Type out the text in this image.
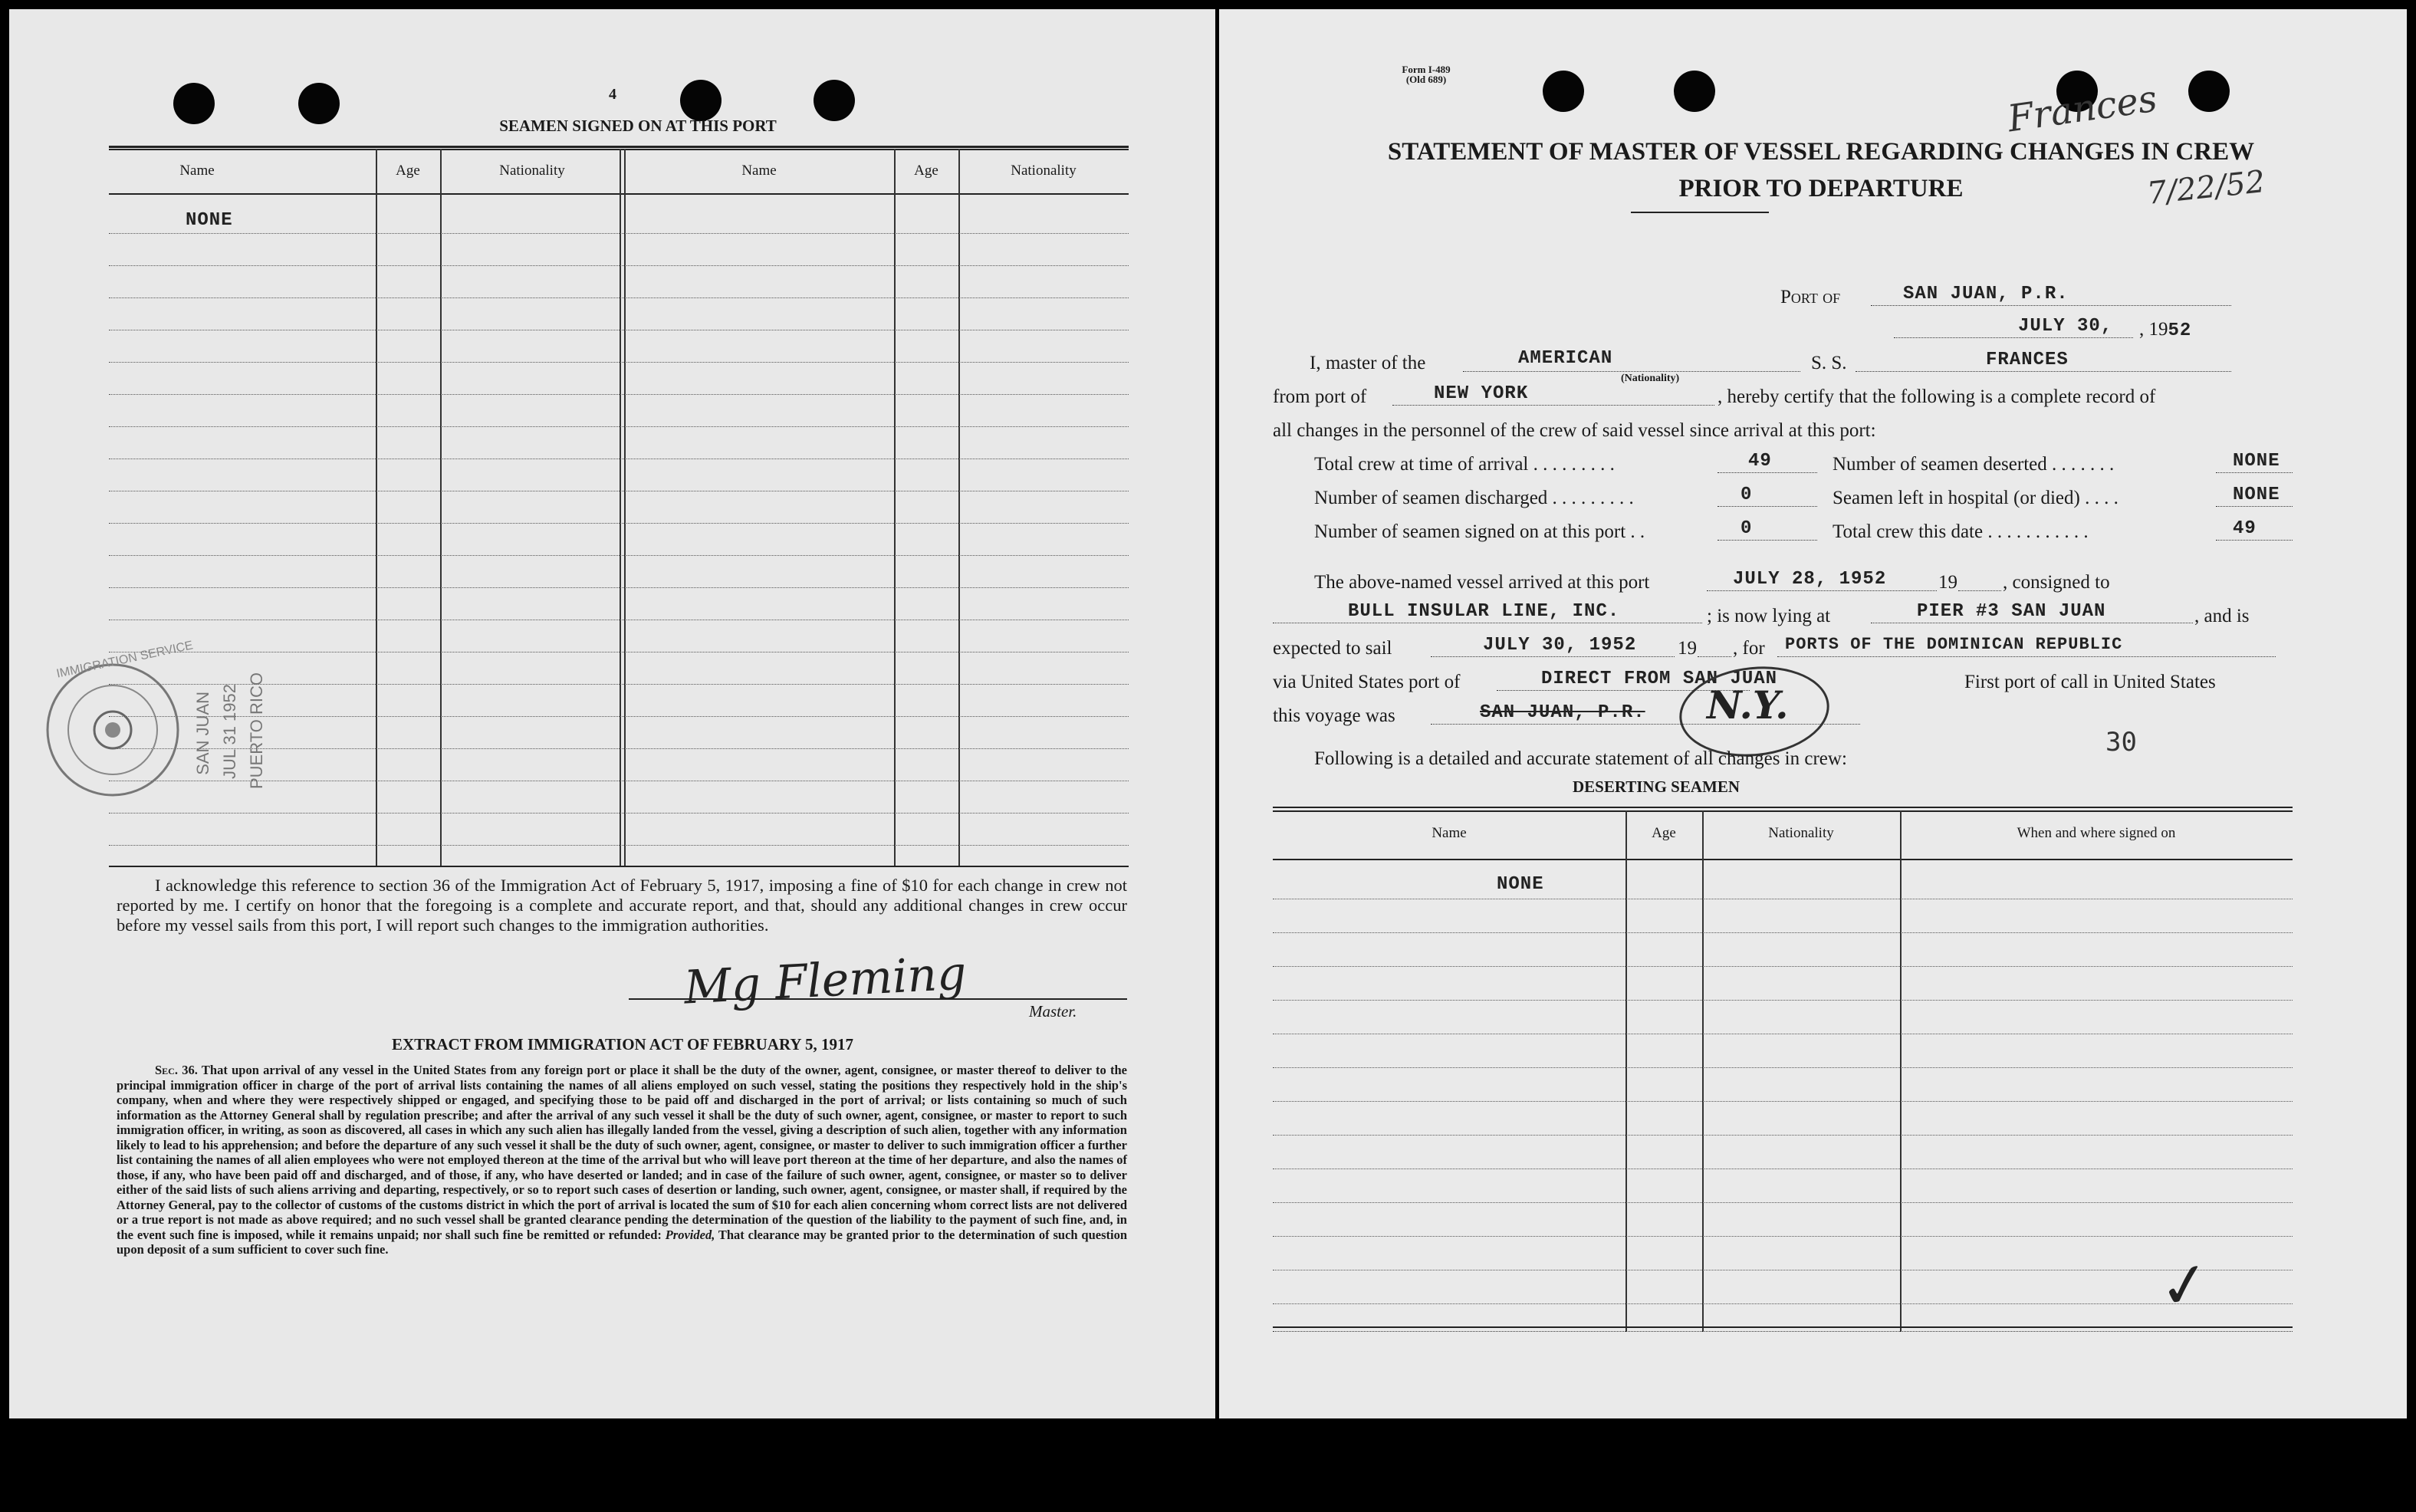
4
SEAMEN SIGNED ON AT THIS PORT
Name	Age	Nationality	Name	Age	Nationality
NONE
IMMIGRATION SERVICE
SAN JUAN JUL 31 1952 PUERTO RICO
I acknowledge this reference to section 36 of the Immigration Act of February 5, 1917, imposing a fine of $10 for each change in crew not reported by me. I certify on honor that the foregoing is a complete and accurate report, and that, should any additional changes in crew occur before my vessel sails from this port, I will report such changes to the immigration authorities.
Mg Fleming	Master.
EXTRACT FROM IMMIGRATION ACT OF FEBRUARY 5, 1917

Sec. 36. That upon arrival of any vessel in the United States from any foreign port or place it shall be the duty of the owner, agent, consignee, or master thereof to deliver to the principal immigration officer in charge of the port of arrival lists containing the names of all aliens employed on such vessel, stating the positions they respectively hold in the ship's company, when and where they were respectively shipped or engaged, and specifying those to be paid off and discharged in the port of arrival; or lists containing so much of such information as the Attorney General shall by regulation prescribe; and after the arrival of any such vessel it shall be the duty of such owner, agent, consignee, or master to report to such immigration officer, in writing, as soon as discovered, all cases in which any such alien has illegally landed from the vessel, giving a description of such alien, together with any information likely to lead to his apprehension; and before the departure of any such vessel it shall be the duty of such owner, agent, consignee, or master to deliver to such immigration officer a further list containing the names of all alien employees who were not employed thereon at the time of the arrival but who will leave port thereon at the time of her departure, and also the names of those, if any, who have been paid off and discharged, and of those, if any, who have deserted or landed; and in case of the failure of such owner, agent, consignee, or master so to deliver either of the said lists of such aliens arriving and departing, respectively, or so to report such cases of desertion or landing, such owner, agent, consignee, or master shall, if required by the Attorney General, pay to the collector of customs of the customs district in which the port of arrival is located the sum of $10 for each alien concerning whom correct lists are not delivered or a true report is not made as above required; and no such vessel shall be granted clearance pending the determination of the question of the liability to the payment of such fine, and, in the event such fine is imposed, while it remains unpaid; nor shall such fine be remitted or refunded: Provided, That clearance may be granted prior to the determination of such question upon deposit of a sum sufficient to cover such fine.

Form I-489
(Old 689)
STATEMENT OF MASTER OF VESSEL REGARDING CHANGES IN CREW
PRIOR TO DEPARTURE
Frances
7/22/52
Port of	SAN JUAN, P.R.
JULY 30, , 1952
I, master of the	AMERICAN
(Nationality)
S. S.	FRANCES
from port of	NEW YORK	, hereby certify that the following is a complete record of
all changes in the personnel of the crew of said vessel since arrival at this port:
Total crew at time of arrival . . . . . . . . .	49	Number of seamen deserted . . . . . . .	NONE
Number of seamen discharged . . . . . . . . .	0	Seamen left in hospital (or died) . . . .	NONE
Number of seamen signed on at this port . .	0	Total crew this date . . . . . . . . . . .	49
The above-named vessel arrived at this port	JULY 28, 1952	19 , consigned to
BULL INSULAR LINE, INC.	; is now lying at	PIER #3 SAN JUAN	, and is
expected to sail	JULY 30, 1952 19 , for PORTS OF THE DOMINICAN REPUBLIC
via United States port of	DIRECT FROM SAN JUAN	First port of call in United States
this voyage was	SAN JUAN, P.R. N.Y.
30
Following is a detailed and accurate statement of all changes in crew:
DESERTING SEAMEN
Name	Age	Nationality	When and where signed on
NONE
✓
